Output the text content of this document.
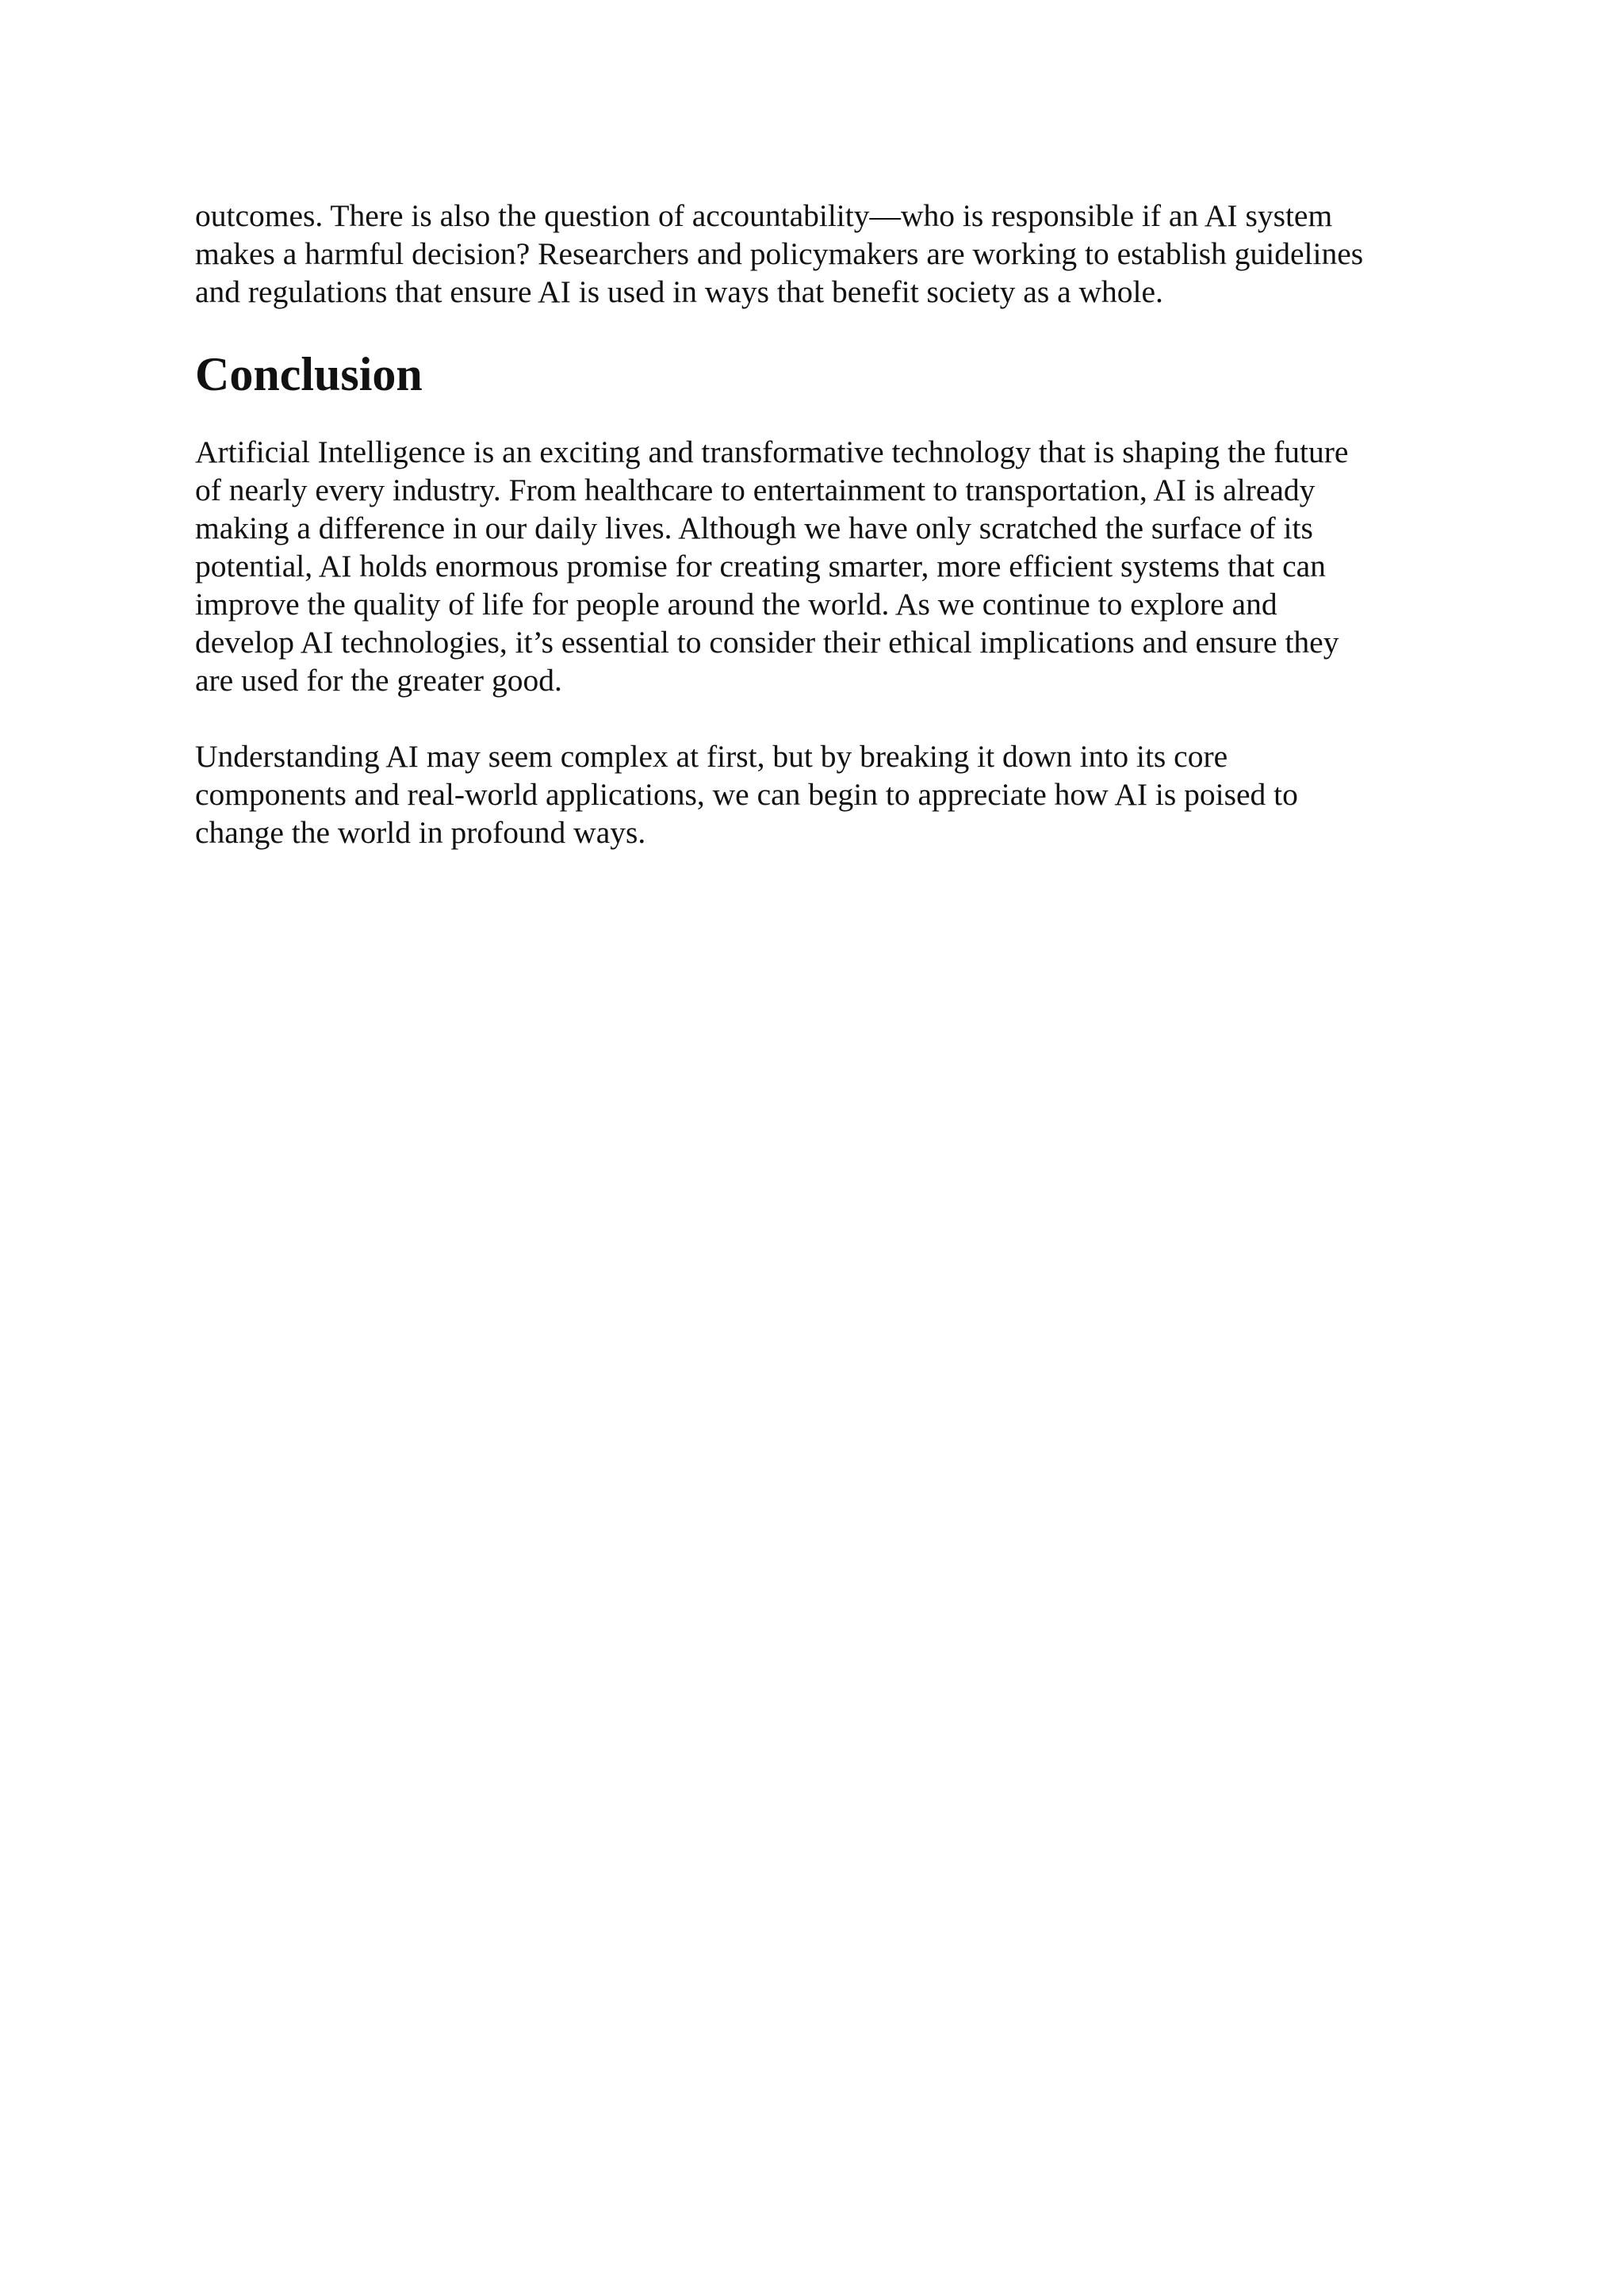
outcomes. There is also the question of accountability—who is responsible if an AI system
makes a harmful decision? Researchers and policymakers are working to establish guidelines
and regulations that ensure AI is used in ways that benefit society as a whole.
Conclusion
Artificial Intelligence is an exciting and transformative technology that is shaping the future
of nearly every industry. From healthcare to entertainment to transportation, AI is already
making a difference in our daily lives. Although we have only scratched the surface of its
potential, AI holds enormous promise for creating smarter, more efficient systems that can
improve the quality of life for people around the world. As we continue to explore and
develop AI technologies, it’s essential to consider their ethical implications and ensure they
are used for the greater good.
Understanding AI may seem complex at first, but by breaking it down into its core
components and real-world applications, we can begin to appreciate how AI is poised to
change the world in profound ways.
